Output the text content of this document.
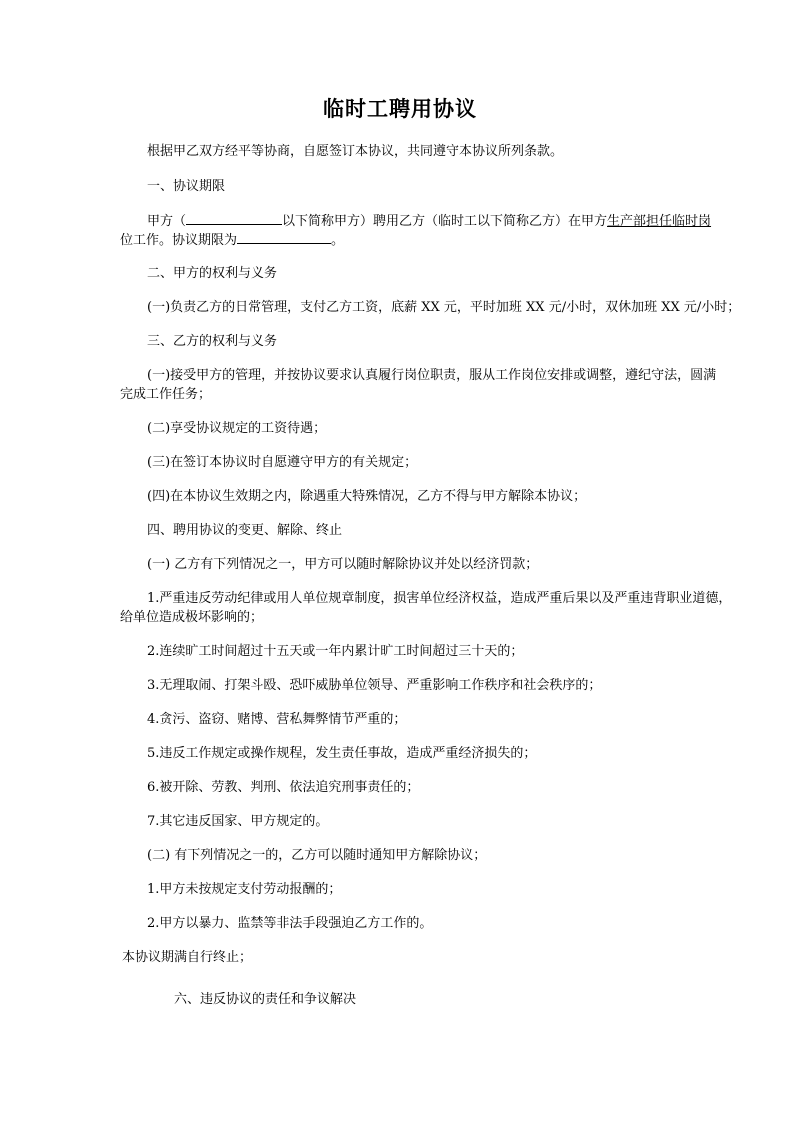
临时工聘用协议
根据甲乙双方经平等协商，自愿签订本协议，共同遵守本协议所列条款。
一、协议期限
甲方（	以下简称甲方）聘用乙方（临时工以下简称乙方）在甲方生产部担任临时岗
位工作。协议期限为	。
二、甲方的权利与义务
(一)负责乙方的日常管理，支付乙方工资，底薪 XX 元，平时加班 XX 元/小时，双休加班 XX 元/小时；
三、乙方的权利与义务
(一)接受甲方的管理，并按协议要求认真履行岗位职责，服从工作岗位安排或调整，遵纪守法，圆满
完成工作任务；
(二)享受协议规定的工资待遇；
(三)在签订本协议时自愿遵守甲方的有关规定；
(四)在本协议生效期之内，除遇重大特殊情况，乙方不得与甲方解除本协议；
四、聘用协议的变更、解除、终止
(一) 乙方有下列情况之一，甲方可以随时解除协议并处以经济罚款；
1.严重违反劳动纪律或用人单位规章制度，损害单位经济权益，造成严重后果以及严重违背职业道德，
给单位造成极坏影响的；
2.连续旷工时间超过十五天或一年内累计旷工时间超过三十天的；
3.无理取闹、打架斗殴、恐吓威胁单位领导、严重影响工作秩序和社会秩序的；
4.贪污、盗窃、赌博、营私舞弊情节严重的；
5.违反工作规定或操作规程，发生责任事故，造成严重经济损失的；
6.被开除、劳教、判刑、依法追究刑事责任的；
7.其它违反国家、甲方规定的。
(二) 有下列情况之一的，乙方可以随时通知甲方解除协议；
1.甲方未按规定支付劳动报酬的；
2.甲方以暴力、监禁等非法手段强迫乙方工作的。
本协议期满自行终止；
六、违反协议的责任和争议解决
